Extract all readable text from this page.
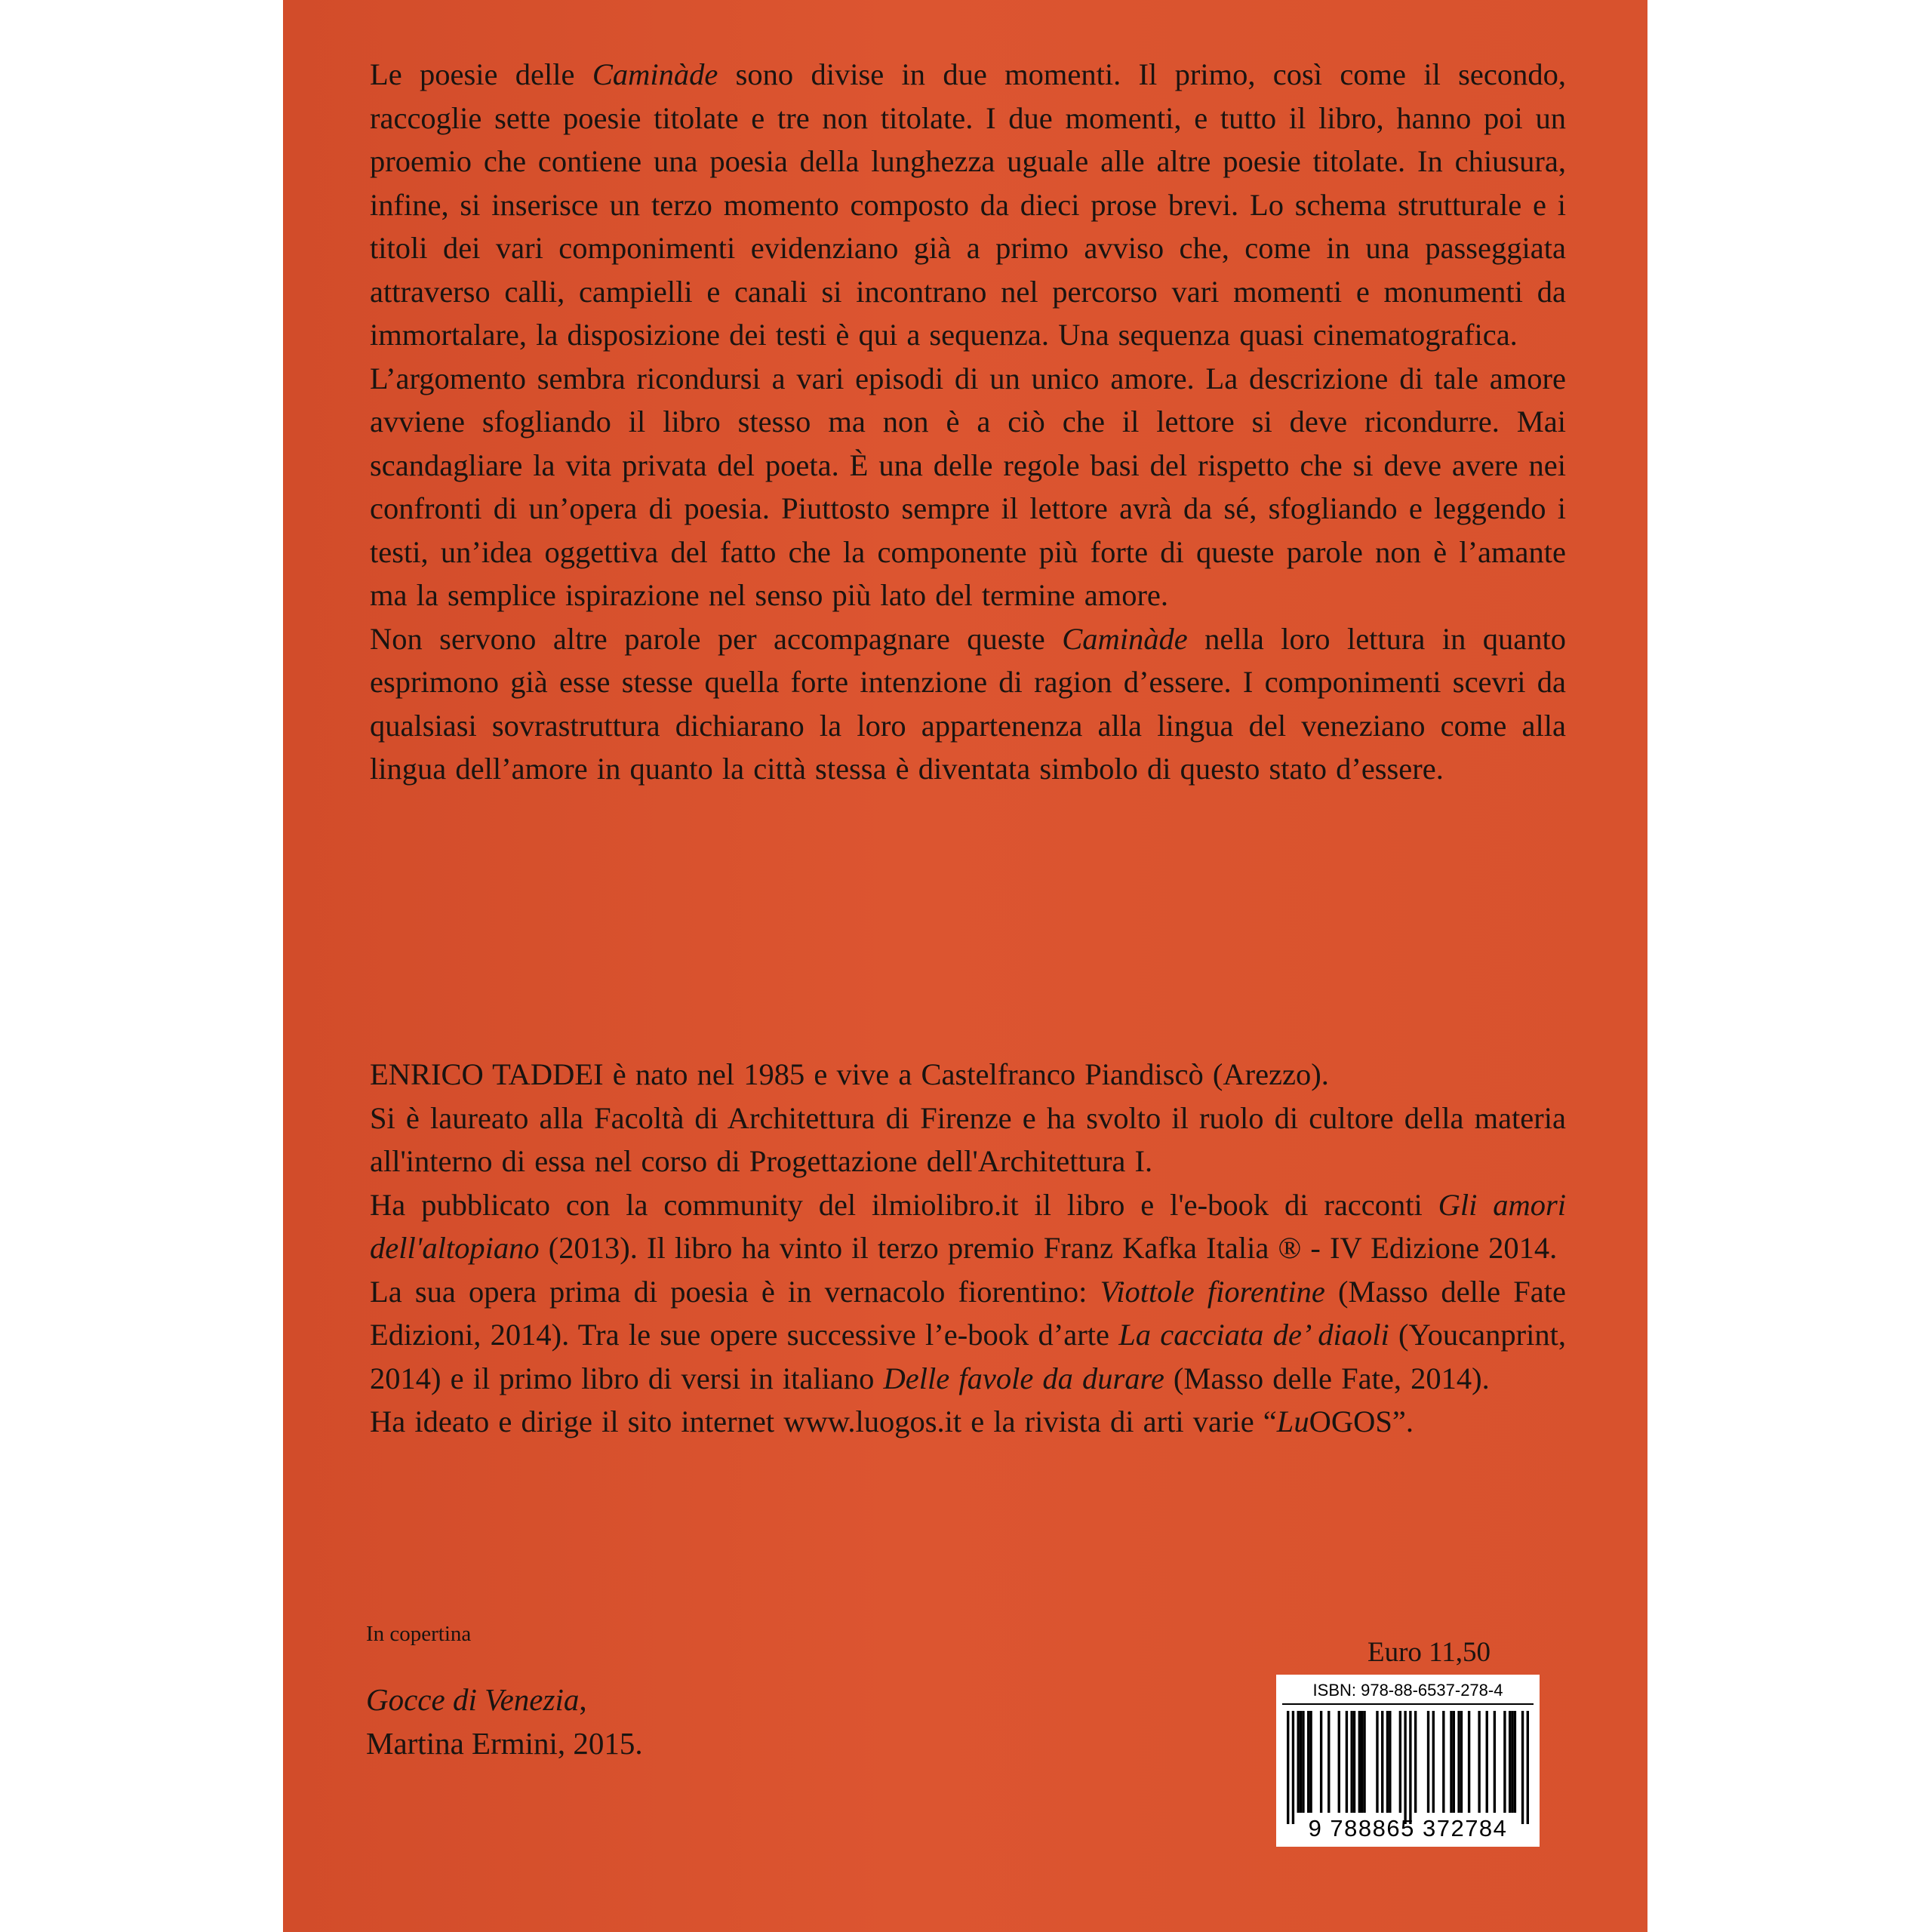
Le poesie delle Caminàde sono divise in due momenti. Il primo, così come il secondo, raccoglie sette poesie titolate e tre non titolate. I due momenti, e tutto il libro, hanno poi un proemio che contiene una poesia della lunghezza uguale alle altre poesie titolate. In chiusura, infine, si inserisce un terzo momento composto da dieci prose brevi. Lo schema strutturale e i titoli dei vari componimenti evidenziano già a primo avviso che, come in una passeggiata attraverso calli, campielli e canali si incontrano nel percorso vari momenti e monumenti da immortalare, la disposizione dei testi è qui a sequenza. Una sequenza quasi cinematografica.

L’argomento sembra ricondursi a vari episodi di un unico amore. La descrizione di tale amore avviene sfogliando il libro stesso ma non è a ciò che il lettore si deve ricondurre. Mai scandagliare la vita privata del poeta. È una delle regole basi del rispetto che si deve avere nei confronti di un’opera di poesia. Piuttosto sempre il lettore avrà da sé, sfogliando e leggendo i testi, un’idea oggettiva del fatto che la componente più forte di queste parole non è l’amante ma la semplice ispirazione nel senso più lato del termine amore.

Non servono altre parole per accompagnare queste Caminàde nella loro lettura in quanto esprimono già esse stesse quella forte intenzione di ragion d’essere. I componimenti scevri da qualsiasi sovrastruttura dichiarano la loro appartenenza alla lingua del veneziano come alla lingua dell’amore in quanto la città stessa è diventata simbolo di questo stato d’essere.

ENRICO TADDEI è nato nel 1985 e vive a Castelfranco Piandiscò (Arezzo).

Si è laureato alla Facoltà di Architettura di Firenze e ha svolto il ruolo di cultore della materia all'interno di essa nel corso di Progettazione dell'Architettura I.

Ha pubblicato con la community del ilmiolibro.it il libro e l'e-book di racconti Gli amori dell'altopiano (2013). Il libro ha vinto il terzo premio Franz Kafka Italia ® - IV Edizione 2014.

La sua opera prima di poesia è in vernacolo fiorentino: Viottole fiorentine (Masso delle Fate Edizioni, 2014). Tra le sue opere successive l’e-book d’arte La cacciata de’ diaoli (Youcanprint, 2014) e il primo libro di versi in italiano Delle favole da durare (Masso delle Fate, 2014).

Ha ideato e dirige il sito internet www.luogos.it e la rivista di arti varie “LuOGOS”.

In copertina
Gocce di Venezia,
Martina Ermini, 2015.
Euro 11,50
ISBN: 978-88-6537-278-4
9 788865 372784
